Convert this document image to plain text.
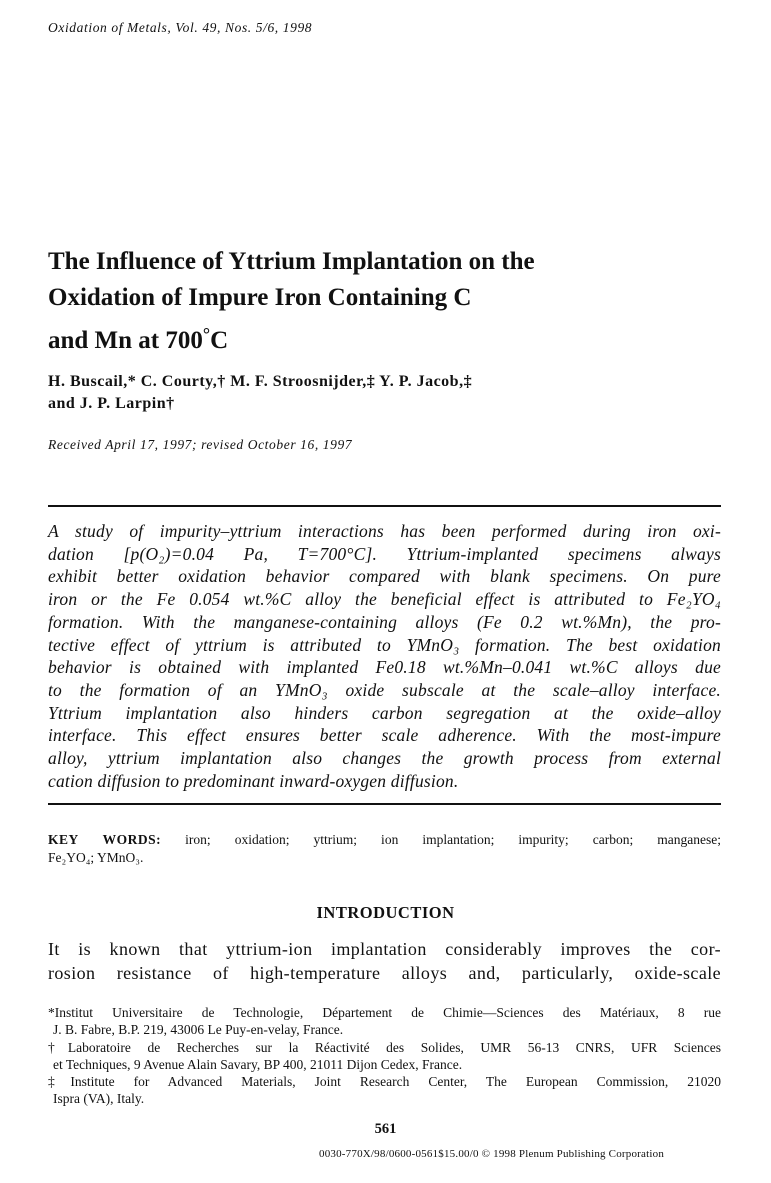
Oxidation of Metals, Vol. 49, Nos. 5/6, 1998
The Influence of Yttrium Implantation on the
Oxidation of Impure Iron Containing C
and Mn at 700°C
H. Buscail,* C. Courty,† M. F. Stroosnijder,‡ Y. P. Jacob,‡
and J. P. Larpin†
Received April 17, 1997; revised October 16, 1997
A study of impurity–yttrium interactions has been performed during iron oxi-
dation [p(O₂)=0.04 Pa, T=700°C]. Yttrium-implanted specimens always
exhibit better oxidation behavior compared with blank specimens. On pure
iron or the Fe 0.054 wt.%C alloy the beneficial effect is attributed to Fe₂YO₄
formation. With the manganese-containing alloys (Fe 0.2 wt.%Mn), the pro-
tective effect of yttrium is attributed to YMnO₃ formation. The best oxidation
behavior is obtained with implanted Fe0.18 wt.%Mn–0.041 wt.%C alloys due
to the formation of an YMnO₃ oxide subscale at the scale–alloy interface.
Yttrium implantation also hinders carbon segregation at the oxide–alloy
interface. This effect ensures better scale adherence. With the most-impure
alloy, yttrium implantation also changes the growth process from external
cation diffusion to predominant inward-oxygen diffusion.
KEY WORDS: iron; oxidation; yttrium; ion implantation; impurity; carbon; manganese;
Fe₂YO₄; YMnO₃.
INTRODUCTION
It is known that yttrium-ion implantation considerably improves the cor-
rosion resistance of high-temperature alloys and, particularly, oxide-scale
*Institut Universitaire de Technologie, Département de Chimie—Sciences des Matériaux, 8 rue
J. B. Fabre, B.P. 219, 43006 Le Puy-en-velay, France.
†Laboratoire de Recherches sur la Réactivité des Solides, UMR 56-13 CNRS, UFR Sciences
et Techniques, 9 Avenue Alain Savary, BP 400, 21011 Dijon Cedex, France.
‡Institute for Advanced Materials, Joint Research Center, The European Commission, 21020
Ispra (VA), Italy.
561
0030-770X/98/0600-0561$15.00/0 © 1998 Plenum Publishing Corporation
